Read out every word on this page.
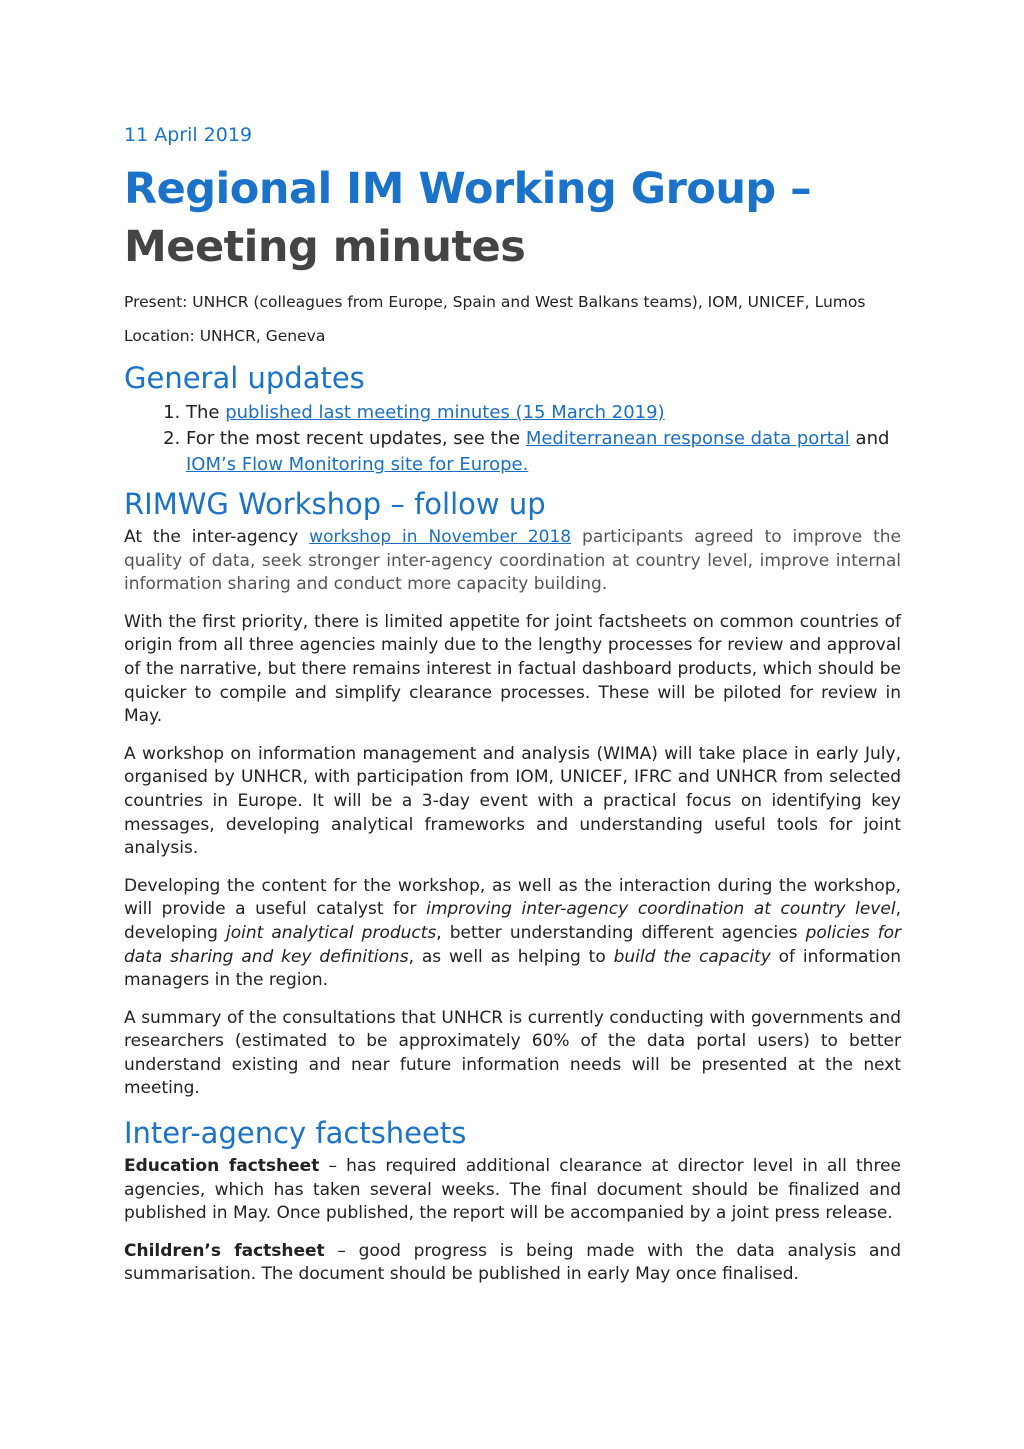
11 April 2019
Regional IM Working Group –
Meeting minutes

Present: UNHCR (colleagues from Europe, Spain and West Balkans teams), IOM, UNICEF, Lumos

Location: UNHCR, Geneva

General updates
1. The published last meeting minutes (15 March 2019)
2. For the most recent updates, see the Mediterranean response data portal and IOM’s Flow Monitoring site for Europe.
RIMWG Workshop – follow up

At the inter-agency workshop in November 2018 participants agreed to improve the quality of data, seek stronger inter-agency coordination at country level, improve internal information sharing and conduct more capacity building.

With the first priority, there is limited appetite for joint factsheets on common countries of origin from all three agencies mainly due to the lengthy processes for review and approval of the narrative, but there remains interest in factual dashboard products, which should be quicker to compile and simplify clearance processes. These will be piloted for review in May.

A workshop on information management and analysis (WIMA) will take place in early July, organised by UNHCR, with participation from IOM, UNICEF, IFRC and UNHCR from selected countries in Europe. It will be a 3-day event with a practical focus on identifying key messages, developing analytical frameworks and understanding useful tools for joint analysis.

Developing the content for the workshop, as well as the interaction during the workshop, will provide a useful catalyst for improving inter-agency coordination at country level, developing joint analytical products, better understanding different agencies policies for data sharing and key definitions, as well as helping to build the capacity of information managers in the region.

A summary of the consultations that UNHCR is currently conducting with governments and researchers (estimated to be approximately 60% of the data portal users) to better understand existing and near future information needs will be presented at the next meeting.

Inter-agency factsheets

Education factsheet – has required additional clearance at director level in all three agencies, which has taken several weeks. The final document should be finalized and published in May. Once published, the report will be accompanied by a joint press release.

Children’s factsheet – good progress is being made with the data analysis and summarisation. The document should be published in early May once finalised.
